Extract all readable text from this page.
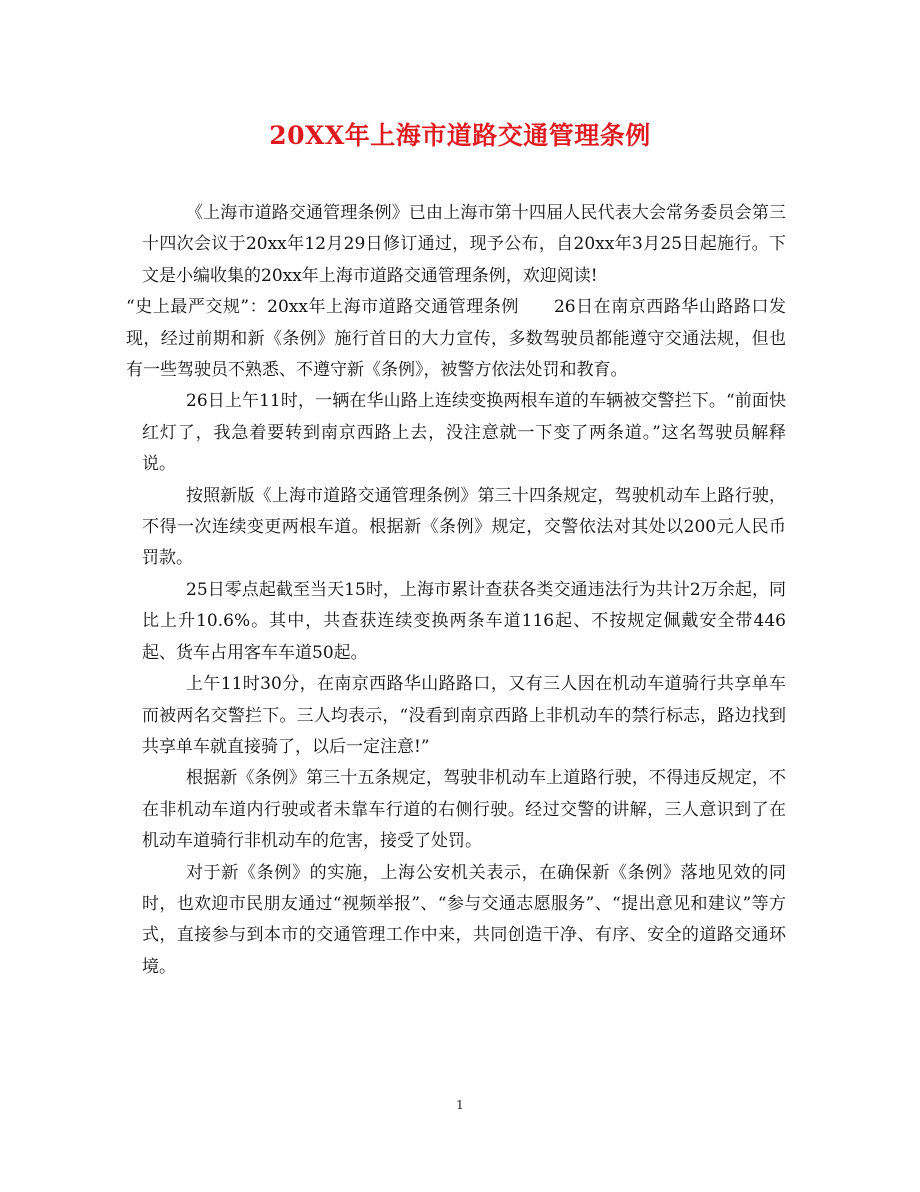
20XX年上海市道路交通管理条例

《上海市道路交通管理条例》已由上海市第十四届人民代表大会常务委员会第三十四次会议于20xx年12月29日修订通过，现予公布，自20xx年3月25日起施行。下文是小编收集的20xx年上海市道路交通管理条例，欢迎阅读!

“史上最严交规”：20xx年上海市道路交通管理条例　　26日在南京西路华山路路口发现，经过前期和新《条例》施行首日的大力宣传，多数驾驶员都能遵守交通法规，但也有一些驾驶员不熟悉、不遵守新《条例》，被警方依法处罚和教育。

26日上午11时，一辆在华山路上连续变换两根车道的车辆被交警拦下。“前面快红灯了，我急着要转到南京西路上去，没注意就一下变了两条道。”这名驾驶员解释说。

按照新版《上海市道路交通管理条例》第三十四条规定，驾驶机动车上路行驶，不得一次连续变更两根车道。根据新《条例》规定，交警依法对其处以200元人民币罚款。

25日零点起截至当天15时，上海市累计查获各类交通违法行为共计2万余起，同比上升10.6%。其中，共查获连续变换两条车道116起、不按规定佩戴安全带446起、货车占用客车车道50起。

上午11时30分，在南京西路华山路路口，又有三人因在机动车道骑行共享单车而被两名交警拦下。三人均表示，“没看到南京西路上非机动车的禁行标志，路边找到共享单车就直接骑了，以后一定注意!”

根据新《条例》第三十五条规定，驾驶非机动车上道路行驶，不得违反规定，不在非机动车道内行驶或者未靠车行道的右侧行驶。经过交警的讲解，三人意识到了在机动车道骑行非机动车的危害，接受了处罚。

对于新《条例》的实施，上海公安机关表示，在确保新《条例》落地见效的同时，也欢迎市民朋友通过“视频举报”、“参与交通志愿服务”、“提出意见和建议”等方式，直接参与到本市的交通管理工作中来，共同创造干净、有序、安全的道路交通环境。

1
